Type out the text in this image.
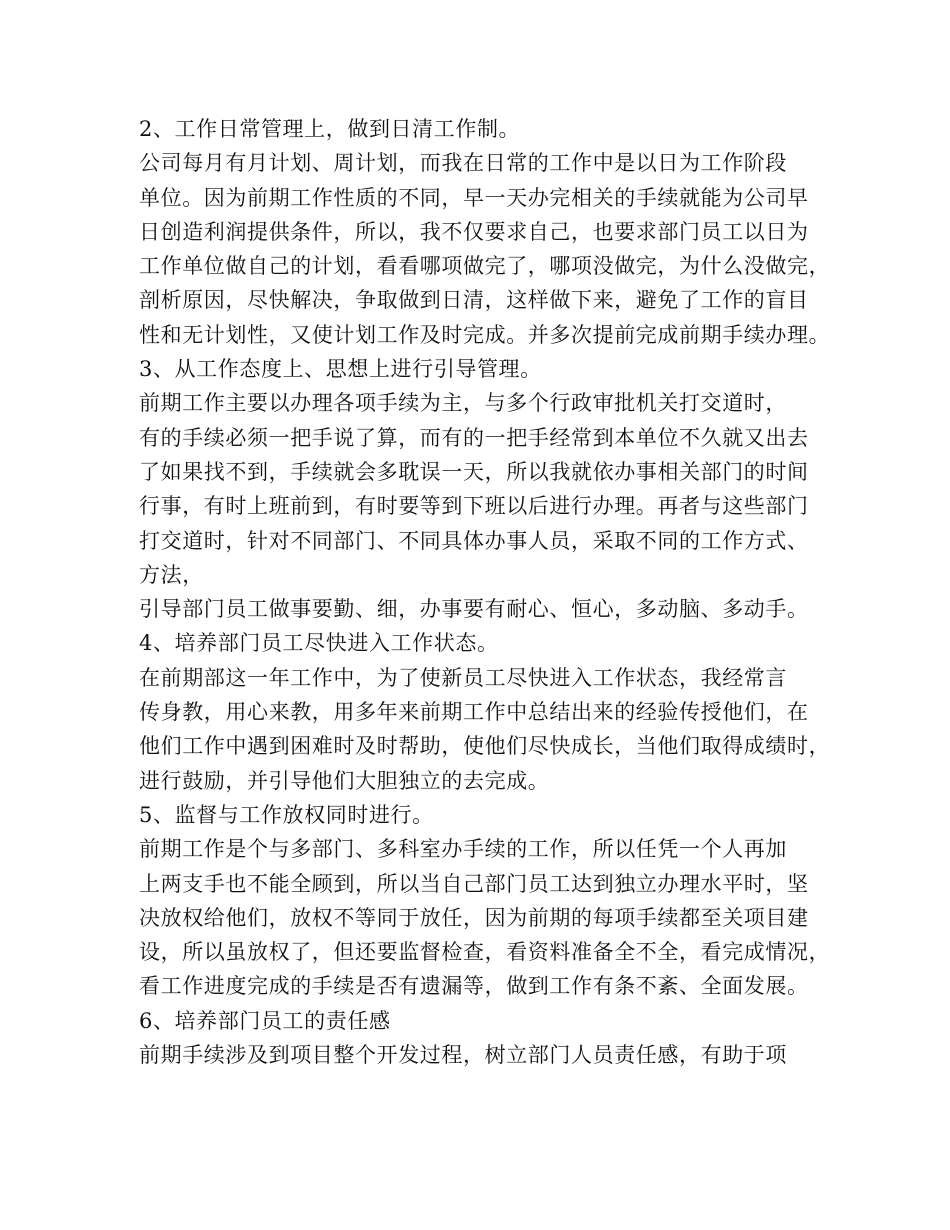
2、工作日常管理上，做到日清工作制。
公司每月有月计划、周计划，而我在日常的工作中是以日为工作阶段
单位。因为前期工作性质的不同，早一天办完相关的手续就能为公司早
日创造利润提供条件，所以，我不仅要求自己，也要求部门员工以日为
工作单位做自己的计划，看看哪项做完了，哪项没做完，为什么没做完，
剖析原因，尽快解决，争取做到日清，这样做下来，避免了工作的盲目
性和无计划性，又使计划工作及时完成。并多次提前完成前期手续办理。
3、从工作态度上、思想上进行引导管理。
前期工作主要以办理各项手续为主，与多个行政审批机关打交道时，
有的手续必须一把手说了算，而有的一把手经常到本单位不久就又出去
了如果找不到，手续就会多耽误一天，所以我就依办事相关部门的时间
行事，有时上班前到，有时要等到下班以后进行办理。再者与这些部门
打交道时，针对不同部门、不同具体办事人员，采取不同的工作方式、
方法，
引导部门员工做事要勤、细，办事要有耐心、恒心，多动脑、多动手。
4、培养部门员工尽快进入工作状态。
在前期部这一年工作中，为了使新员工尽快进入工作状态，我经常言
传身教，用心来教，用多年来前期工作中总结出来的经验传授他们，在
他们工作中遇到困难时及时帮助，使他们尽快成长，当他们取得成绩时，
进行鼓励，并引导他们大胆独立的去完成。
5、监督与工作放权同时进行。
前期工作是个与多部门、多科室办手续的工作，所以任凭一个人再加
上两支手也不能全顾到，所以当自己部门员工达到独立办理水平时，坚
决放权给他们，放权不等同于放任，因为前期的每项手续都至关项目建
设，所以虽放权了，但还要监督检查，看资料准备全不全，看完成情况，
看工作进度完成的手续是否有遗漏等，做到工作有条不紊、全面发展。
6、培养部门员工的责任感
前期手续涉及到项目整个开发过程，树立部门人员责任感，有助于项
